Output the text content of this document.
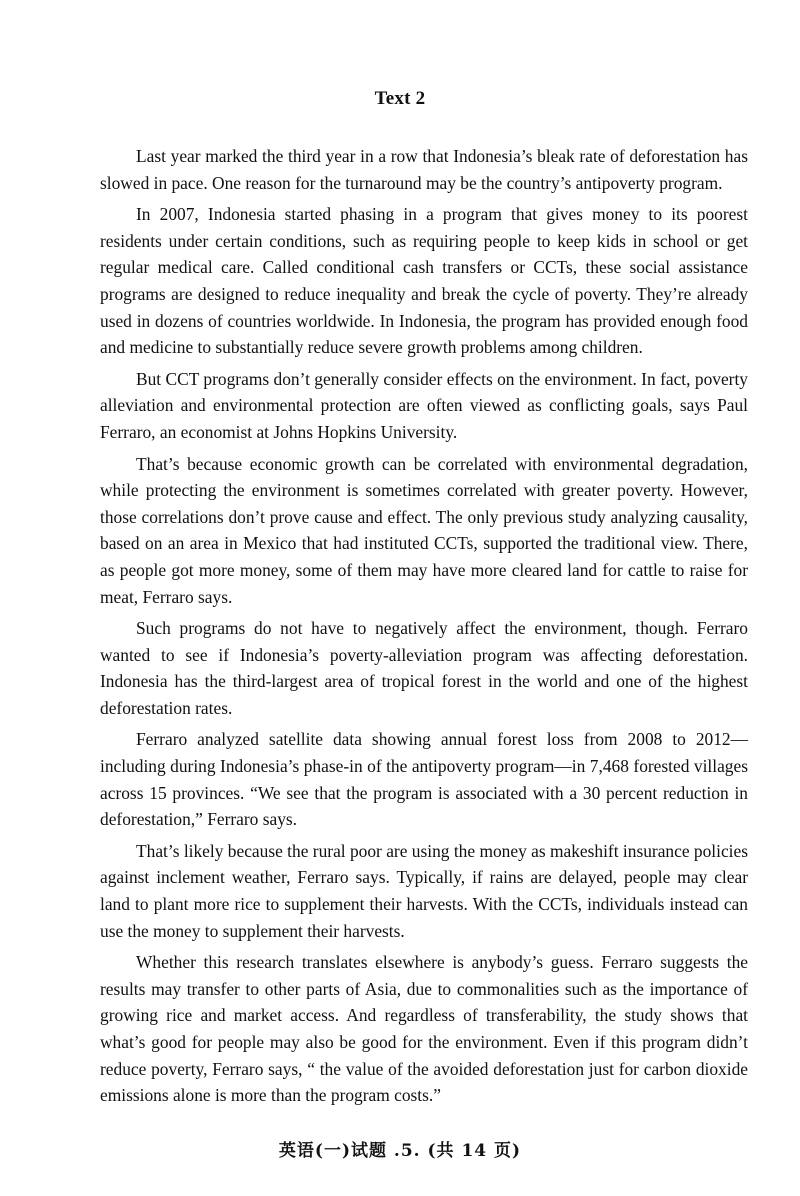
Text 2

Last year marked the third year in a row that Indonesia’s bleak rate of deforestation has slowed in pace. One reason for the turnaround may be the country’s antipoverty program.

In 2007, Indonesia started phasing in a program that gives money to its poorest residents under certain conditions, such as requiring people to keep kids in school or get regular medical care. Called conditional cash transfers or CCTs, these social assistance programs are designed to reduce inequality and break the cycle of poverty. They’re already used in dozens of countries worldwide. In Indonesia, the program has provided enough food and medicine to substantially reduce severe growth problems among children.

But CCT programs don’t generally consider effects on the environment. In fact, poverty alleviation and environmental protection are often viewed as conflicting goals, says Paul Ferraro, an economist at Johns Hopkins University.

That’s because economic growth can be correlated with environmental degradation, while protecting the environment is sometimes correlated with greater poverty. However, those correlations don’t prove cause and effect. The only previous study analyzing causality, based on an area in Mexico that had instituted CCTs, supported the traditional view. There, as people got more money, some of them may have more cleared land for cattle to raise for meat, Ferraro says.

Such programs do not have to negatively affect the environment, though. Ferraro wanted to see if Indonesia’s poverty-alleviation program was affecting deforestation. Indonesia has the third-largest area of tropical forest in the world and one of the highest deforestation rates.

Ferraro analyzed satellite data showing annual forest loss from 2008 to 2012—including during Indonesia’s phase-in of the antipoverty program—in 7,468 forested villages across 15 provinces. “We see that the program is associated with a 30 percent reduction in deforestation,” Ferraro says.

That’s likely because the rural poor are using the money as makeshift insurance policies against inclement weather, Ferraro says. Typically, if rains are delayed, people may clear land to plant more rice to supplement their harvests. With the CCTs, individuals instead can use the money to supplement their harvests.

Whether this research translates elsewhere is anybody’s guess. Ferraro suggests the results may transfer to other parts of Asia, due to commonalities such as the importance of growing rice and market access. And regardless of transferability, the study shows that what’s good for people may also be good for the environment. Even if this program didn’t reduce poverty, Ferraro says, “ the value of the avoided deforestation just for carbon dioxide emissions alone is more than the program costs.”

英语(一)试题 .5. (共 14 页)
